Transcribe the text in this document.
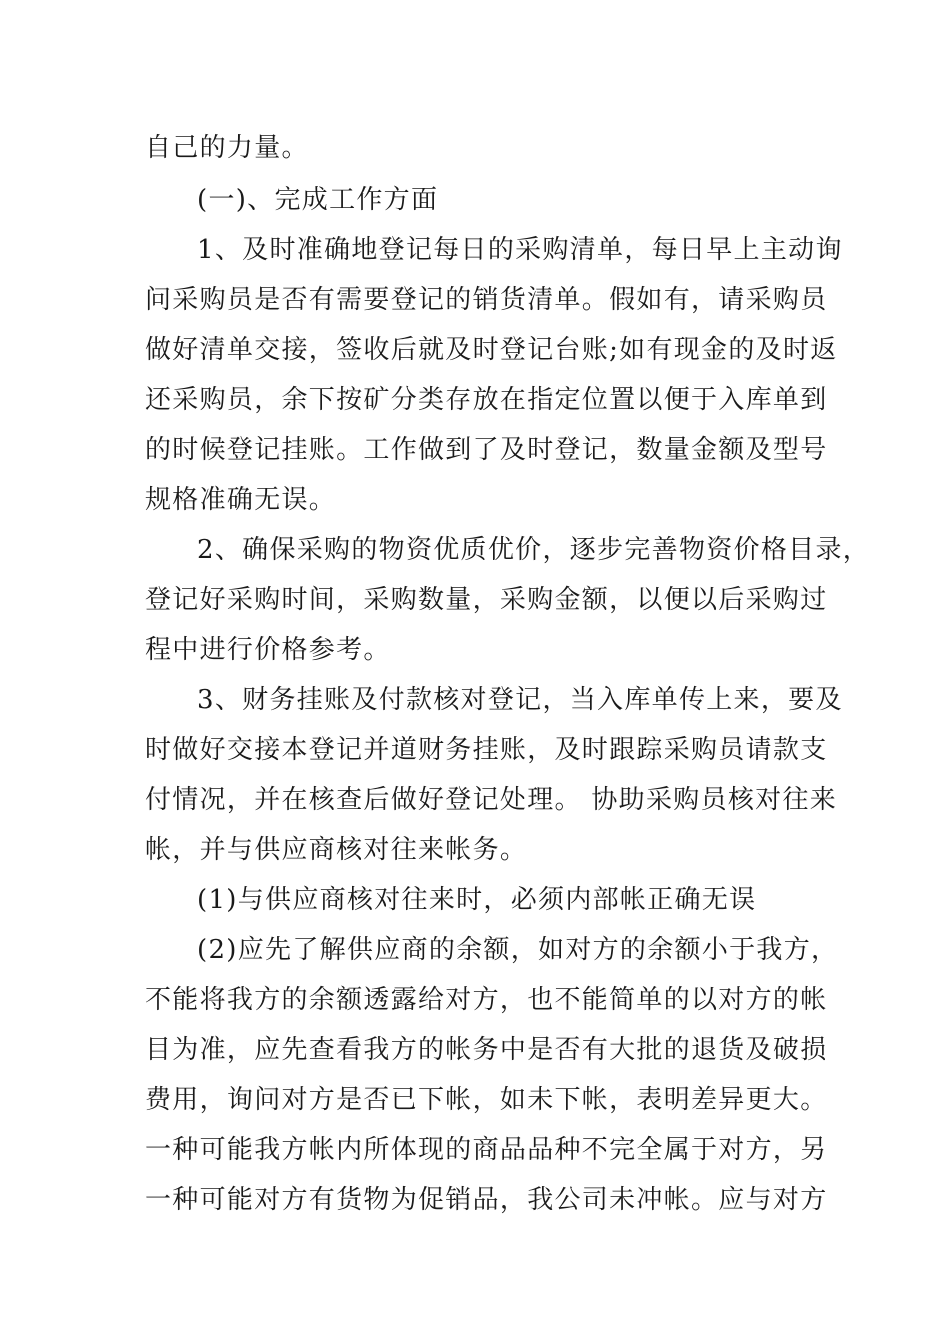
自己的力量。
(一)、完成工作方面
1、及时准确地登记每日的采购清单，每日早上主动询
问采购员是否有需要登记的销货清单。假如有，请采购员
做好清单交接，签收后就及时登记台账;如有现金的及时返
还采购员，余下按矿分类存放在指定位置以便于入库单到
的时候登记挂账。工作做到了及时登记，数量金额及型号
规格准确无误。
2、确保采购的物资优质优价，逐步完善物资价格目录，
登记好采购时间，采购数量，采购金额，以便以后采购过
程中进行价格参考。
3、财务挂账及付款核对登记，当入库单传上来，要及
时做好交接本登记并道财务挂账，及时跟踪采购员请款支
付情况，并在核查后做好登记处理。 协助采购员核对往来
帐，并与供应商核对往来帐务。
(1)与供应商核对往来时，必须内部帐正确无误
(2)应先了解供应商的余额，如对方的余额小于我方，
不能将我方的余额透露给对方，也不能简单的以对方的帐
目为准，应先查看我方的帐务中是否有大批的退货及破损
费用，询问对方是否已下帐，如未下帐，表明差异更大。
一种可能我方帐内所体现的商品品种不完全属于对方，另
一种可能对方有货物为促销品，我公司未冲帐。应与对方
